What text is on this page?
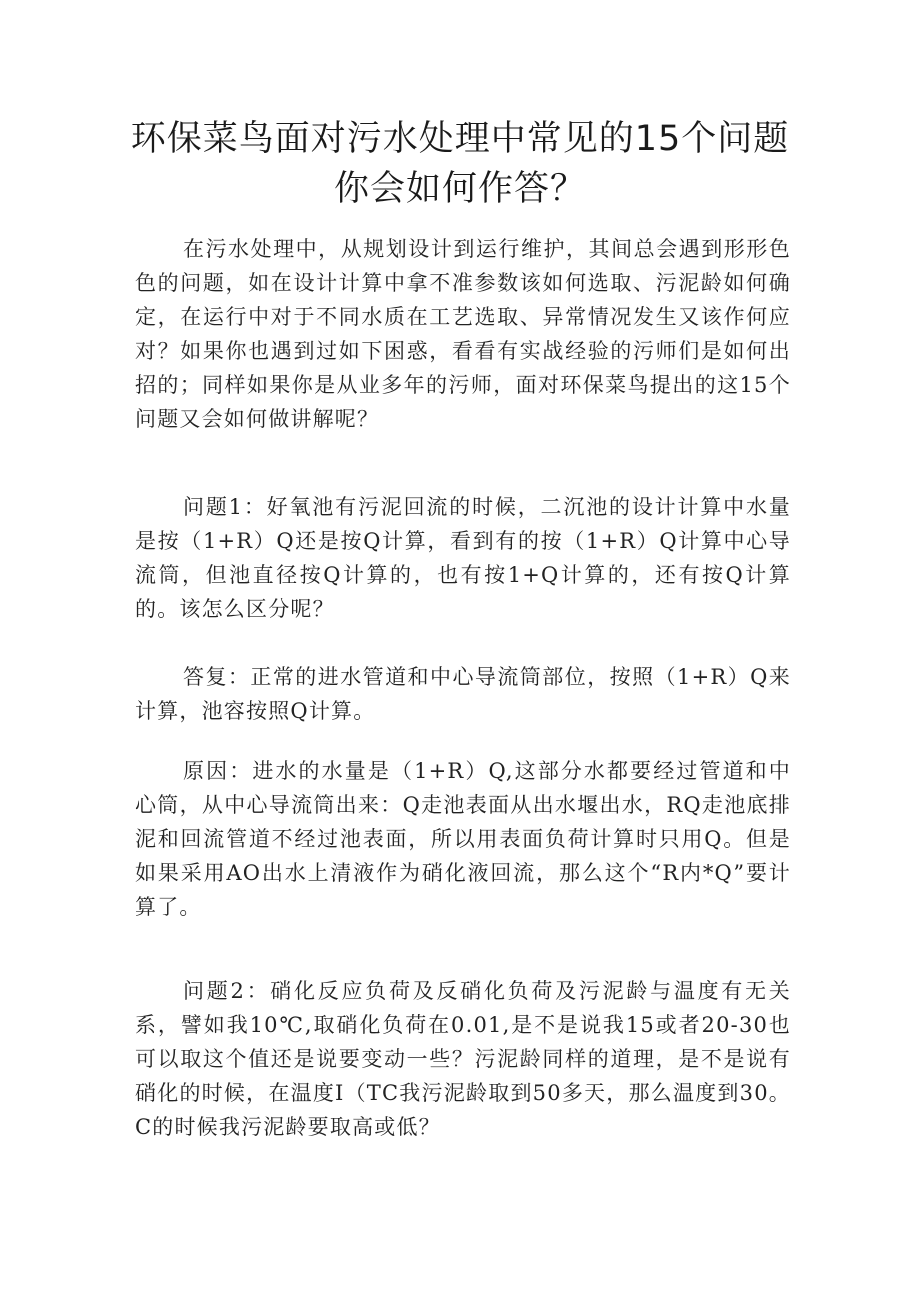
环保菜鸟面对污水处理中常见的15个问题
你会如何作答？

在污水处理中，从规划设计到运行维护，其间总会遇到形形色色的问题，如在设计计算中拿不准参数该如何选取、污泥龄如何确定，在运行中对于不同水质在工艺选取、异常情况发生又该作何应对？如果你也遇到过如下困惑，看看有实战经验的污师们是如何出招的；同样如果你是从业多年的污师，面对环保菜鸟提出的这15个问题又会如何做讲解呢？

问题1：好氧池有污泥回流的时候，二沉池的设计计算中水量是按（1+R）Q还是按Q计算，看到有的按（1+R）Q计算中心导流筒，但池直径按Q计算的，也有按1+Q计算的，还有按Q计算的。该怎么区分呢？

答复：正常的进水管道和中心导流筒部位，按照（1+R）Q来计算，池容按照Q计算。

原因：进水的水量是（1+R）Q,这部分水都要经过管道和中心筒，从中心导流筒出来：Q走池表面从出水堰出水，RQ走池底排泥和回流管道不经过池表面，所以用表面负荷计算时只用Q。但是如果采用AO出水上清液作为硝化液回流，那么这个“R内*Q”要计算了。

问题2：硝化反应负荷及反硝化负荷及污泥龄与温度有无关系，譬如我10℃,取硝化负荷在0.01,是不是说我15或者20-30也可以取这个值还是说要变动一些？污泥龄同样的道理，是不是说有硝化的时候，在温度I（TC我污泥龄取到50多天，那么温度到30。C的时候我污泥龄要取高或低？
